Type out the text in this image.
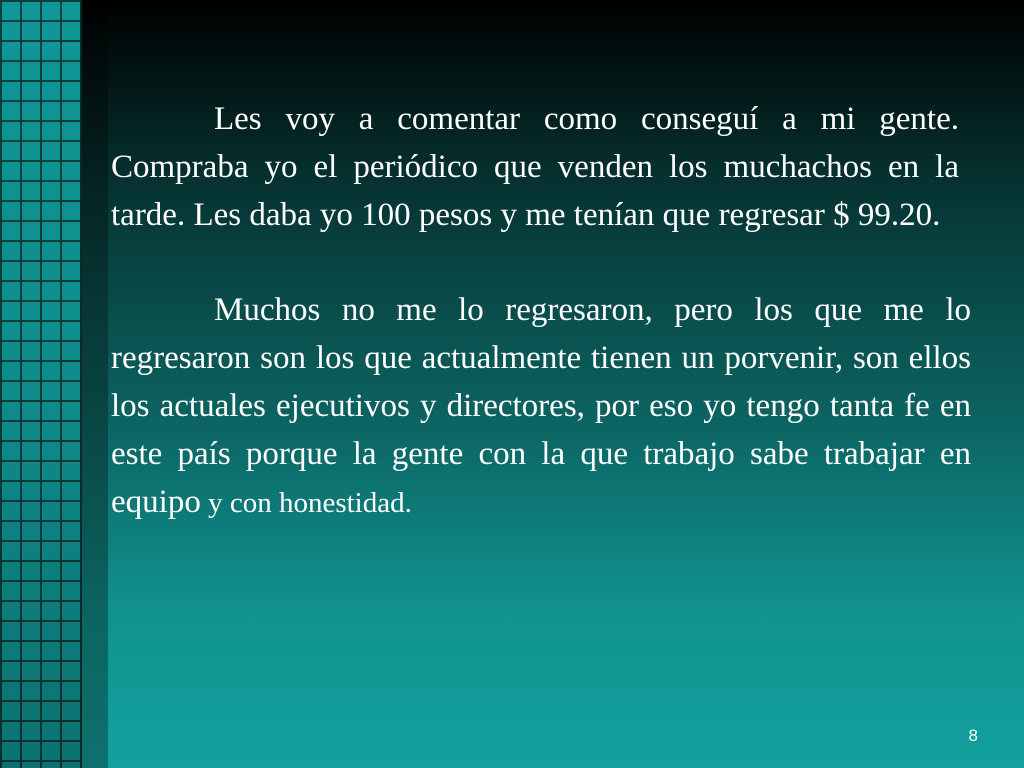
Les voy a comentar como conseguí a mi gente. Compraba yo el periódico que venden los muchachos en la tarde. Les daba yo 100 pesos y me tenían que regresar $ 99.20.

Muchos no me lo regresaron, pero los que me lo regresaron son los que actualmente tienen un porvenir, son ellos los actuales ejecutivos y directores, por eso yo tengo tanta fe en este país porque la gente con la que trabajo sabe trabajar en equipo y con honestidad.

8
